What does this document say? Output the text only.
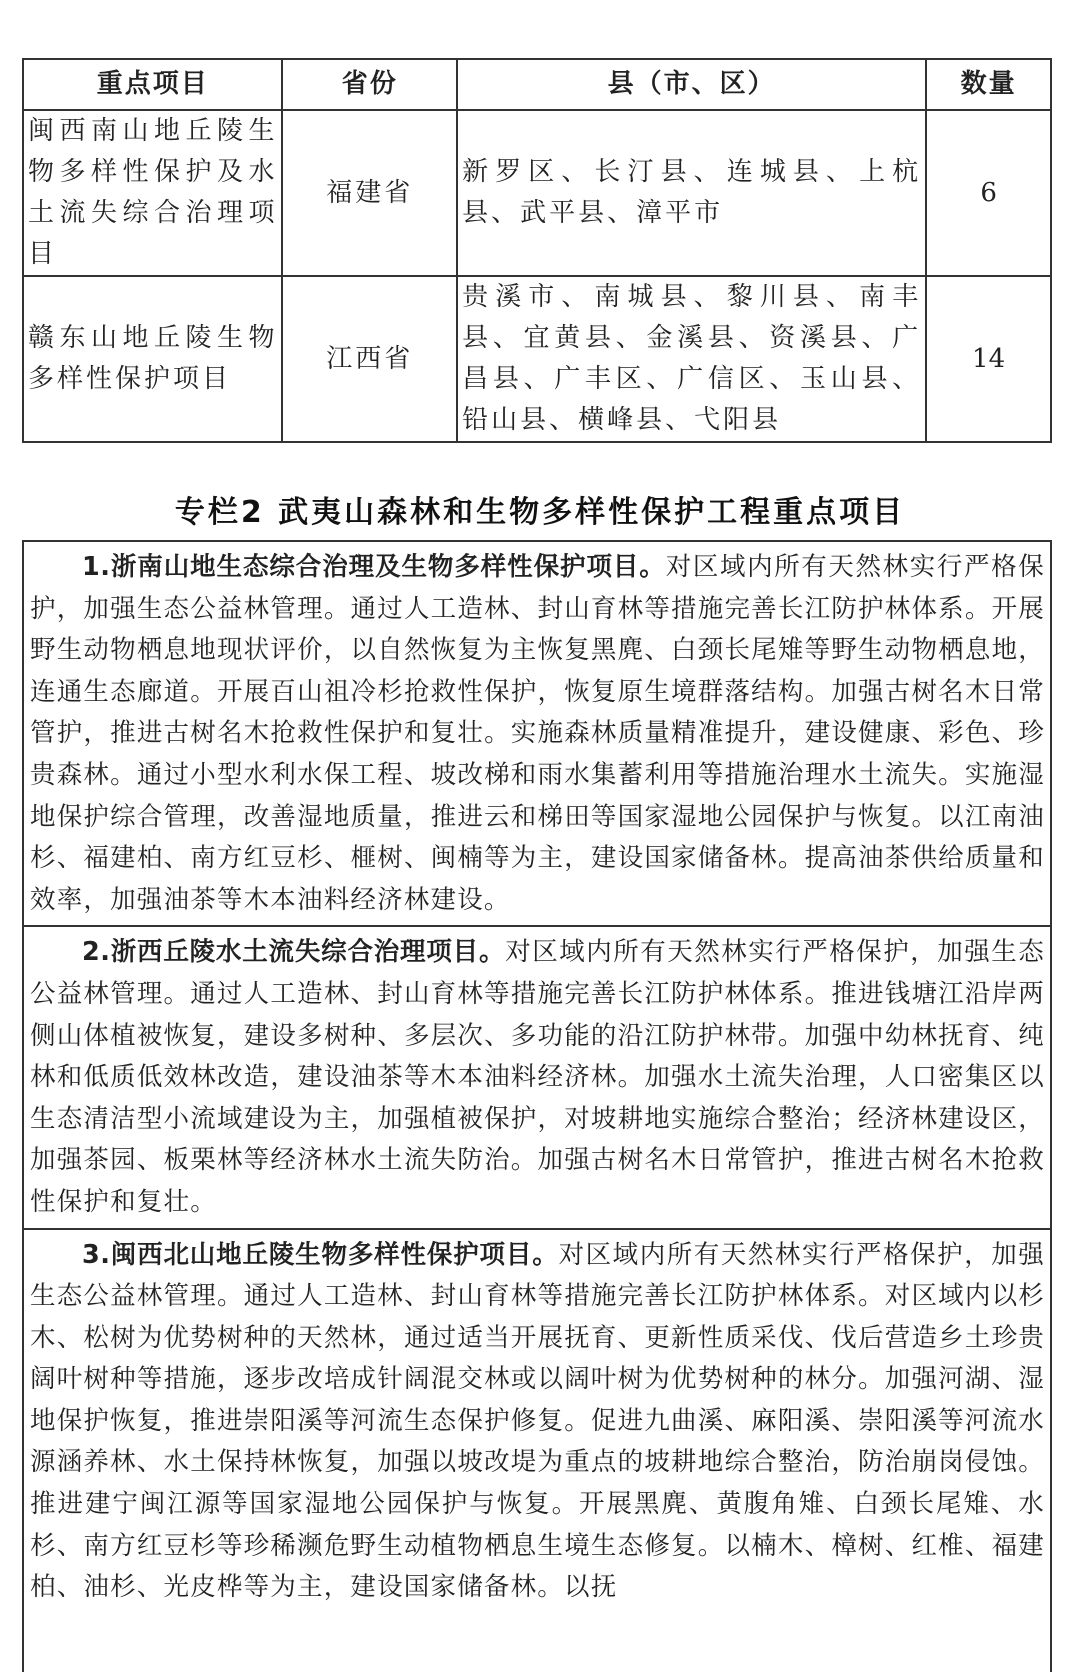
重点项目	省份	县（市、区）	数量
闽西南山地丘陵生物多样性保护及水土流失综合治理项目	福建省	新罗区、长汀县、连城县、上杭县、武平县、漳平市	6
赣东山地丘陵生物多样性保护项目	江西省	贵溪市、南城县、黎川县、南丰县、宜黄县、金溪县、资溪县、广昌县、广丰区、广信区、玉山县、铅山县、横峰县、弋阳县	14
专栏2 武夷山森林和生物多样性保护工程重点项目
1.浙南山地生态综合治理及生物多样性保护项目。对区域内所有天然林实行严格保护，加强生态公益林管理。通过人工造林、封山育林等措施完善长江防护林体系。开展野生动物栖息地现状评价，以自然恢复为主恢复黑麂、白颈长尾雉等野生动物栖息地，连通生态廊道。开展百山祖冷杉抢救性保护，恢复原生境群落结构。加强古树名木日常管护，推进古树名木抢救性保护和复壮。实施森林质量精准提升，建设健康、彩色、珍贵森林。通过小型水利水保工程、坡改梯和雨水集蓄利用等措施治理水土流失。实施湿地保护综合管理，改善湿地质量，推进云和梯田等国家湿地公园保护与恢复。以江南油杉、福建柏、南方红豆杉、榧树、闽楠等为主，建设国家储备林。提高油茶供给质量和效率，加强油茶等木本油料经济林建设。
2.浙西丘陵水土流失综合治理项目。对区域内所有天然林实行严格保护，加强生态公益林管理。通过人工造林、封山育林等措施完善长江防护林体系。推进钱塘江沿岸两侧山体植被恢复，建设多树种、多层次、多功能的沿江防护林带。加强中幼林抚育、纯林和低质低效林改造，建设油茶等木本油料经济林。加强水土流失治理，人口密集区以生态清洁型小流域建设为主，加强植被保护，对坡耕地实施综合整治；经济林建设区，加强茶园、板栗林等经济林水土流失防治。加强古树名木日常管护，推进古树名木抢救性保护和复壮。
3.闽西北山地丘陵生物多样性保护项目。对区域内所有天然林实行严格保护，加强生态公益林管理。通过人工造林、封山育林等措施完善长江防护林体系。对区域内以杉木、松树为优势树种的天然林，通过适当开展抚育、更新性质采伐、伐后营造乡土珍贵阔叶树种等措施，逐步改培成针阔混交林或以阔叶树为优势树种的林分。加强河湖、湿地保护恢复，推进崇阳溪等河流生态保护修复。促进九曲溪、麻阳溪、崇阳溪等河流水源涵养林、水土保持林恢复，加强以坡改堤为重点的坡耕地综合整治，防治崩岗侵蚀。推进建宁闽江源等国家湿地公园保护与恢复。开展黑麂、黄腹角雉、白颈长尾雉、水杉、南方红豆杉等珍稀濒危野生动植物栖息生境生态修复。以楠木、樟树、红椎、福建柏、油杉、光皮桦等为主，建设国家储备林。以抚
